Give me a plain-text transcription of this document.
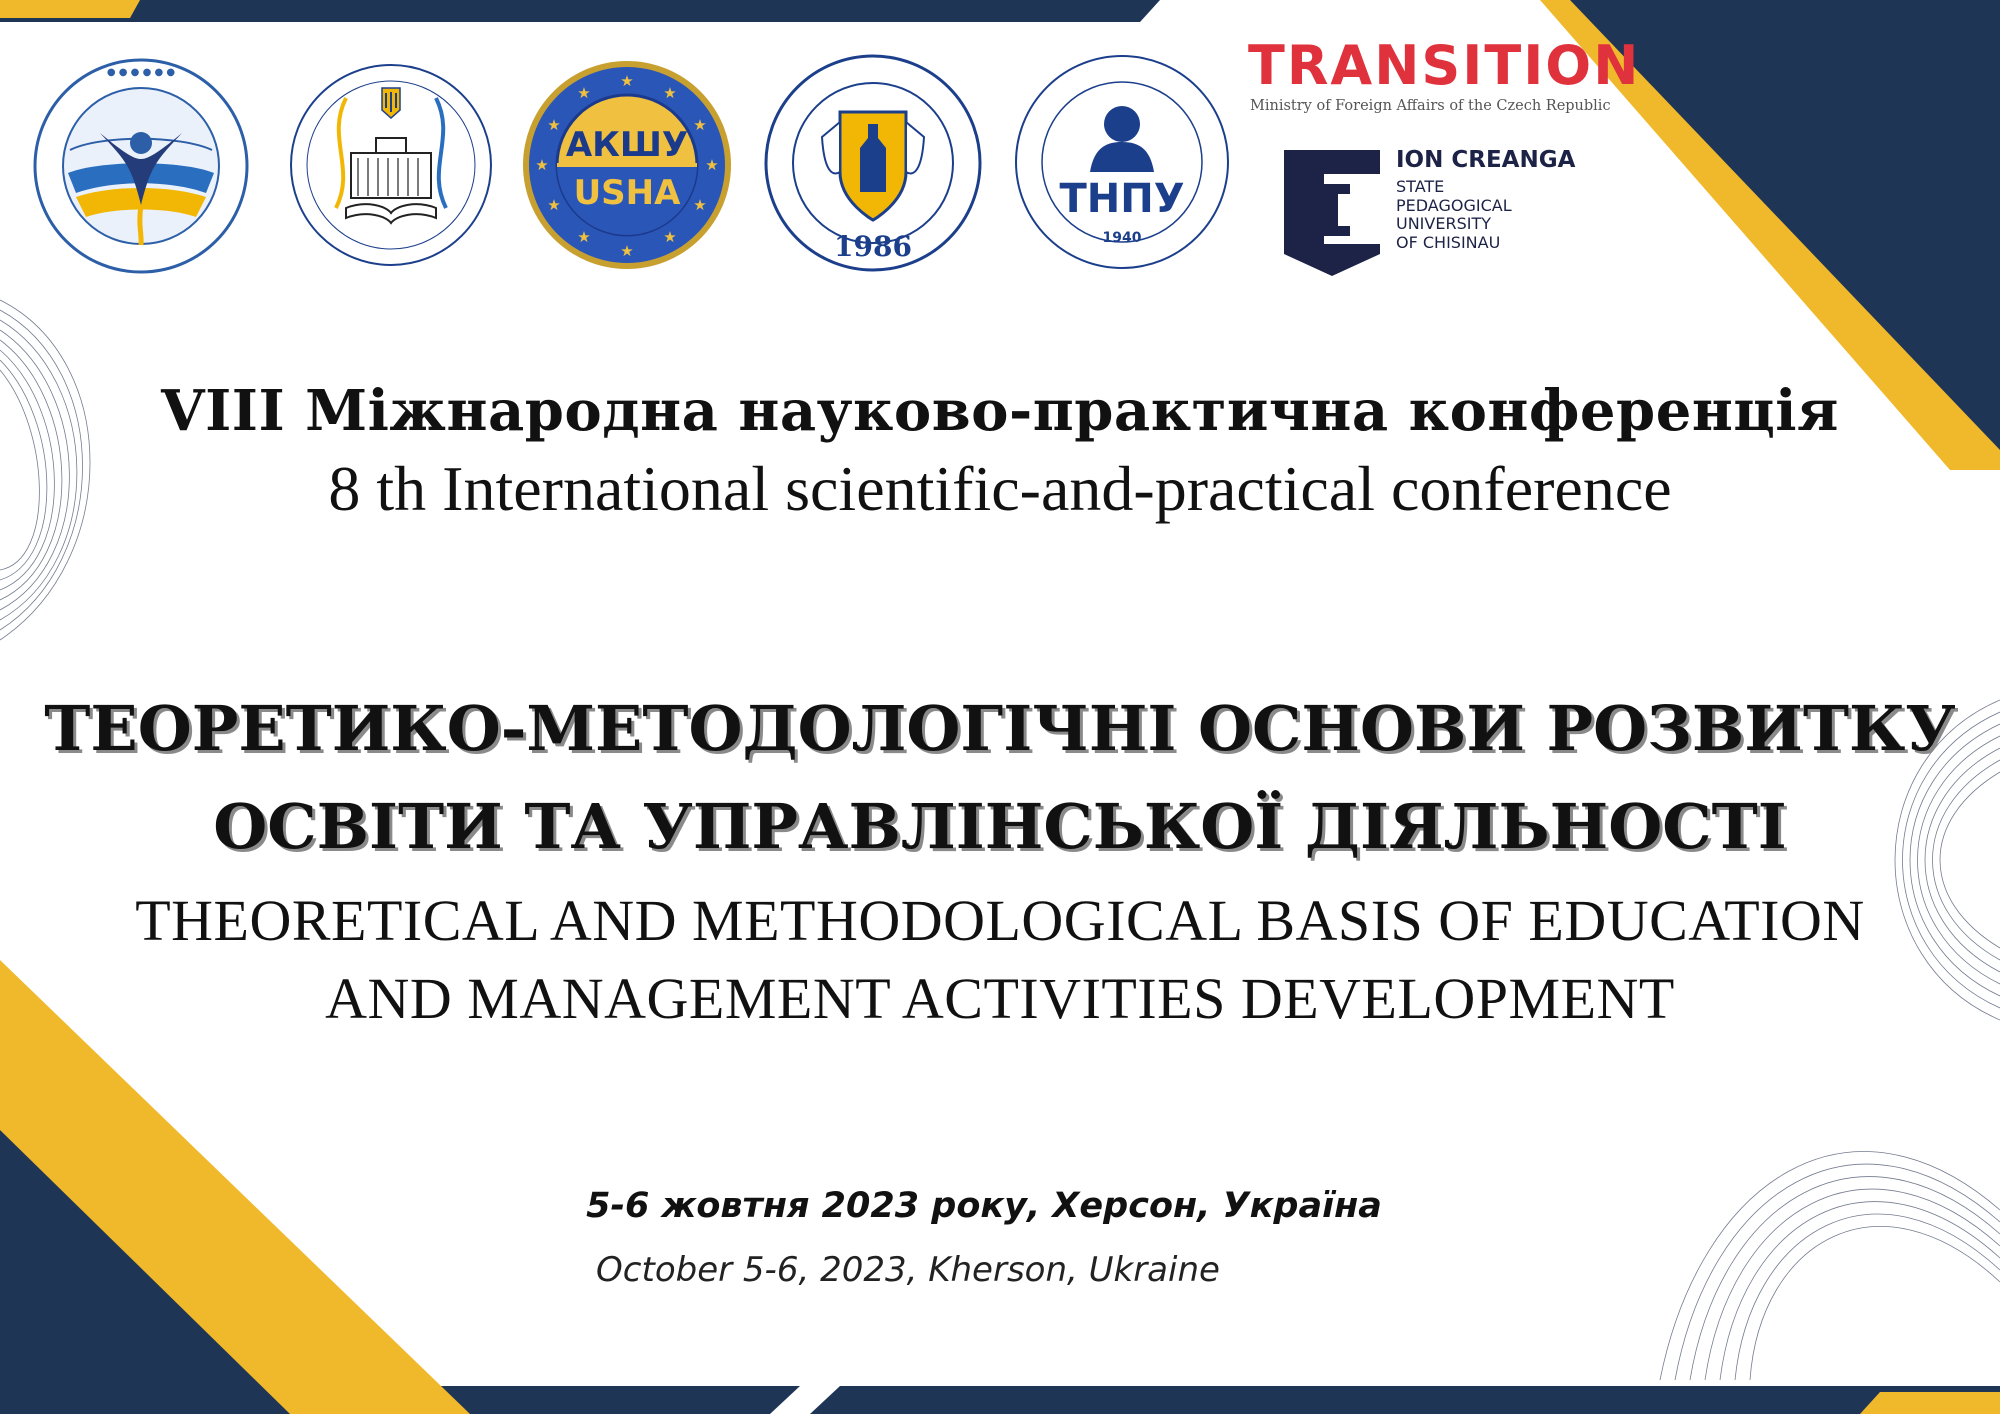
● ● ● ● ● ●	★
★
★
★
★
★
★
★
★
★
★
★
АКШУ
USHA
1986
ТНПУ
1940
TRANSITION
Ministry of Foreign Affairs of the Czech Republic
ION CREANGA
STATE
PEDAGOGICAL
UNIVERSITY
OF CHISINAU
VIII Міжнародна науково-практична конференція
8 th International scientific-and-practical conference
ТЕОРЕТИКО-МЕТОДОЛОГІЧНІ ОСНОВИ РОЗВИТКУ
ОСВІТИ ТА УПРАВЛІНСЬКОЇ ДІЯЛЬНОСТІ
THEORETICAL AND METHODOLOGICAL BASIS OF EDUCATION
AND MANAGEMENT ACTIVITIES DEVELOPMENT
5-6 жовтня 2023 року, Херсон, Україна
October 5-6, 2023, Kherson, Ukraine
